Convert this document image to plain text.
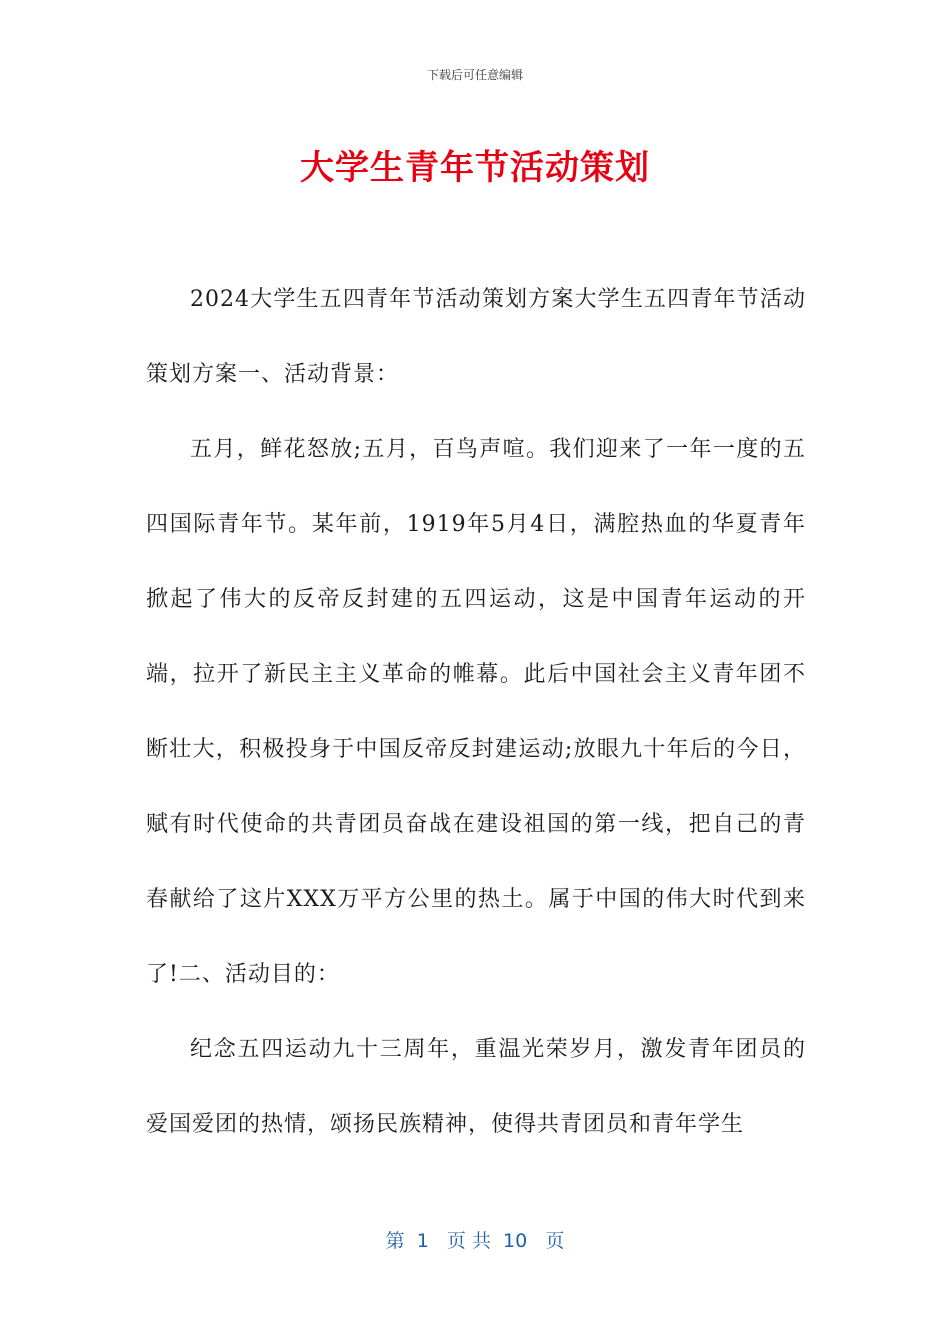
下载后可任意编辑
大学生青年节活动策划

2024大学生五四青年节活动策划方案大学生五四青年节活动策划方案一、活动背景：

五月，鲜花怒放;五月，百鸟声喧。我们迎来了一年一度的五四国际青年节。某年前，1919年5月4日，满腔热血的华夏青年掀起了伟大的反帝反封建的五四运动，这是中国青年运动的开端，拉开了新民主主义革命的帷幕。此后中国社会主义青年团不断壮大，积极投身于中国反帝反封建运动;放眼九十年后的今日，赋有时代使命的共青团员奋战在建设祖国的第一线，把自己的青春献给了这片XXX万平方公里的热土。属于中国的伟大时代到来了!二、活动目的：

纪念五四运动九十三周年，重温光荣岁月，激发青年团员的爱国爱团的热情，颂扬民族精神，使得共青团员和青年学生

第  1   页 共  10   页
